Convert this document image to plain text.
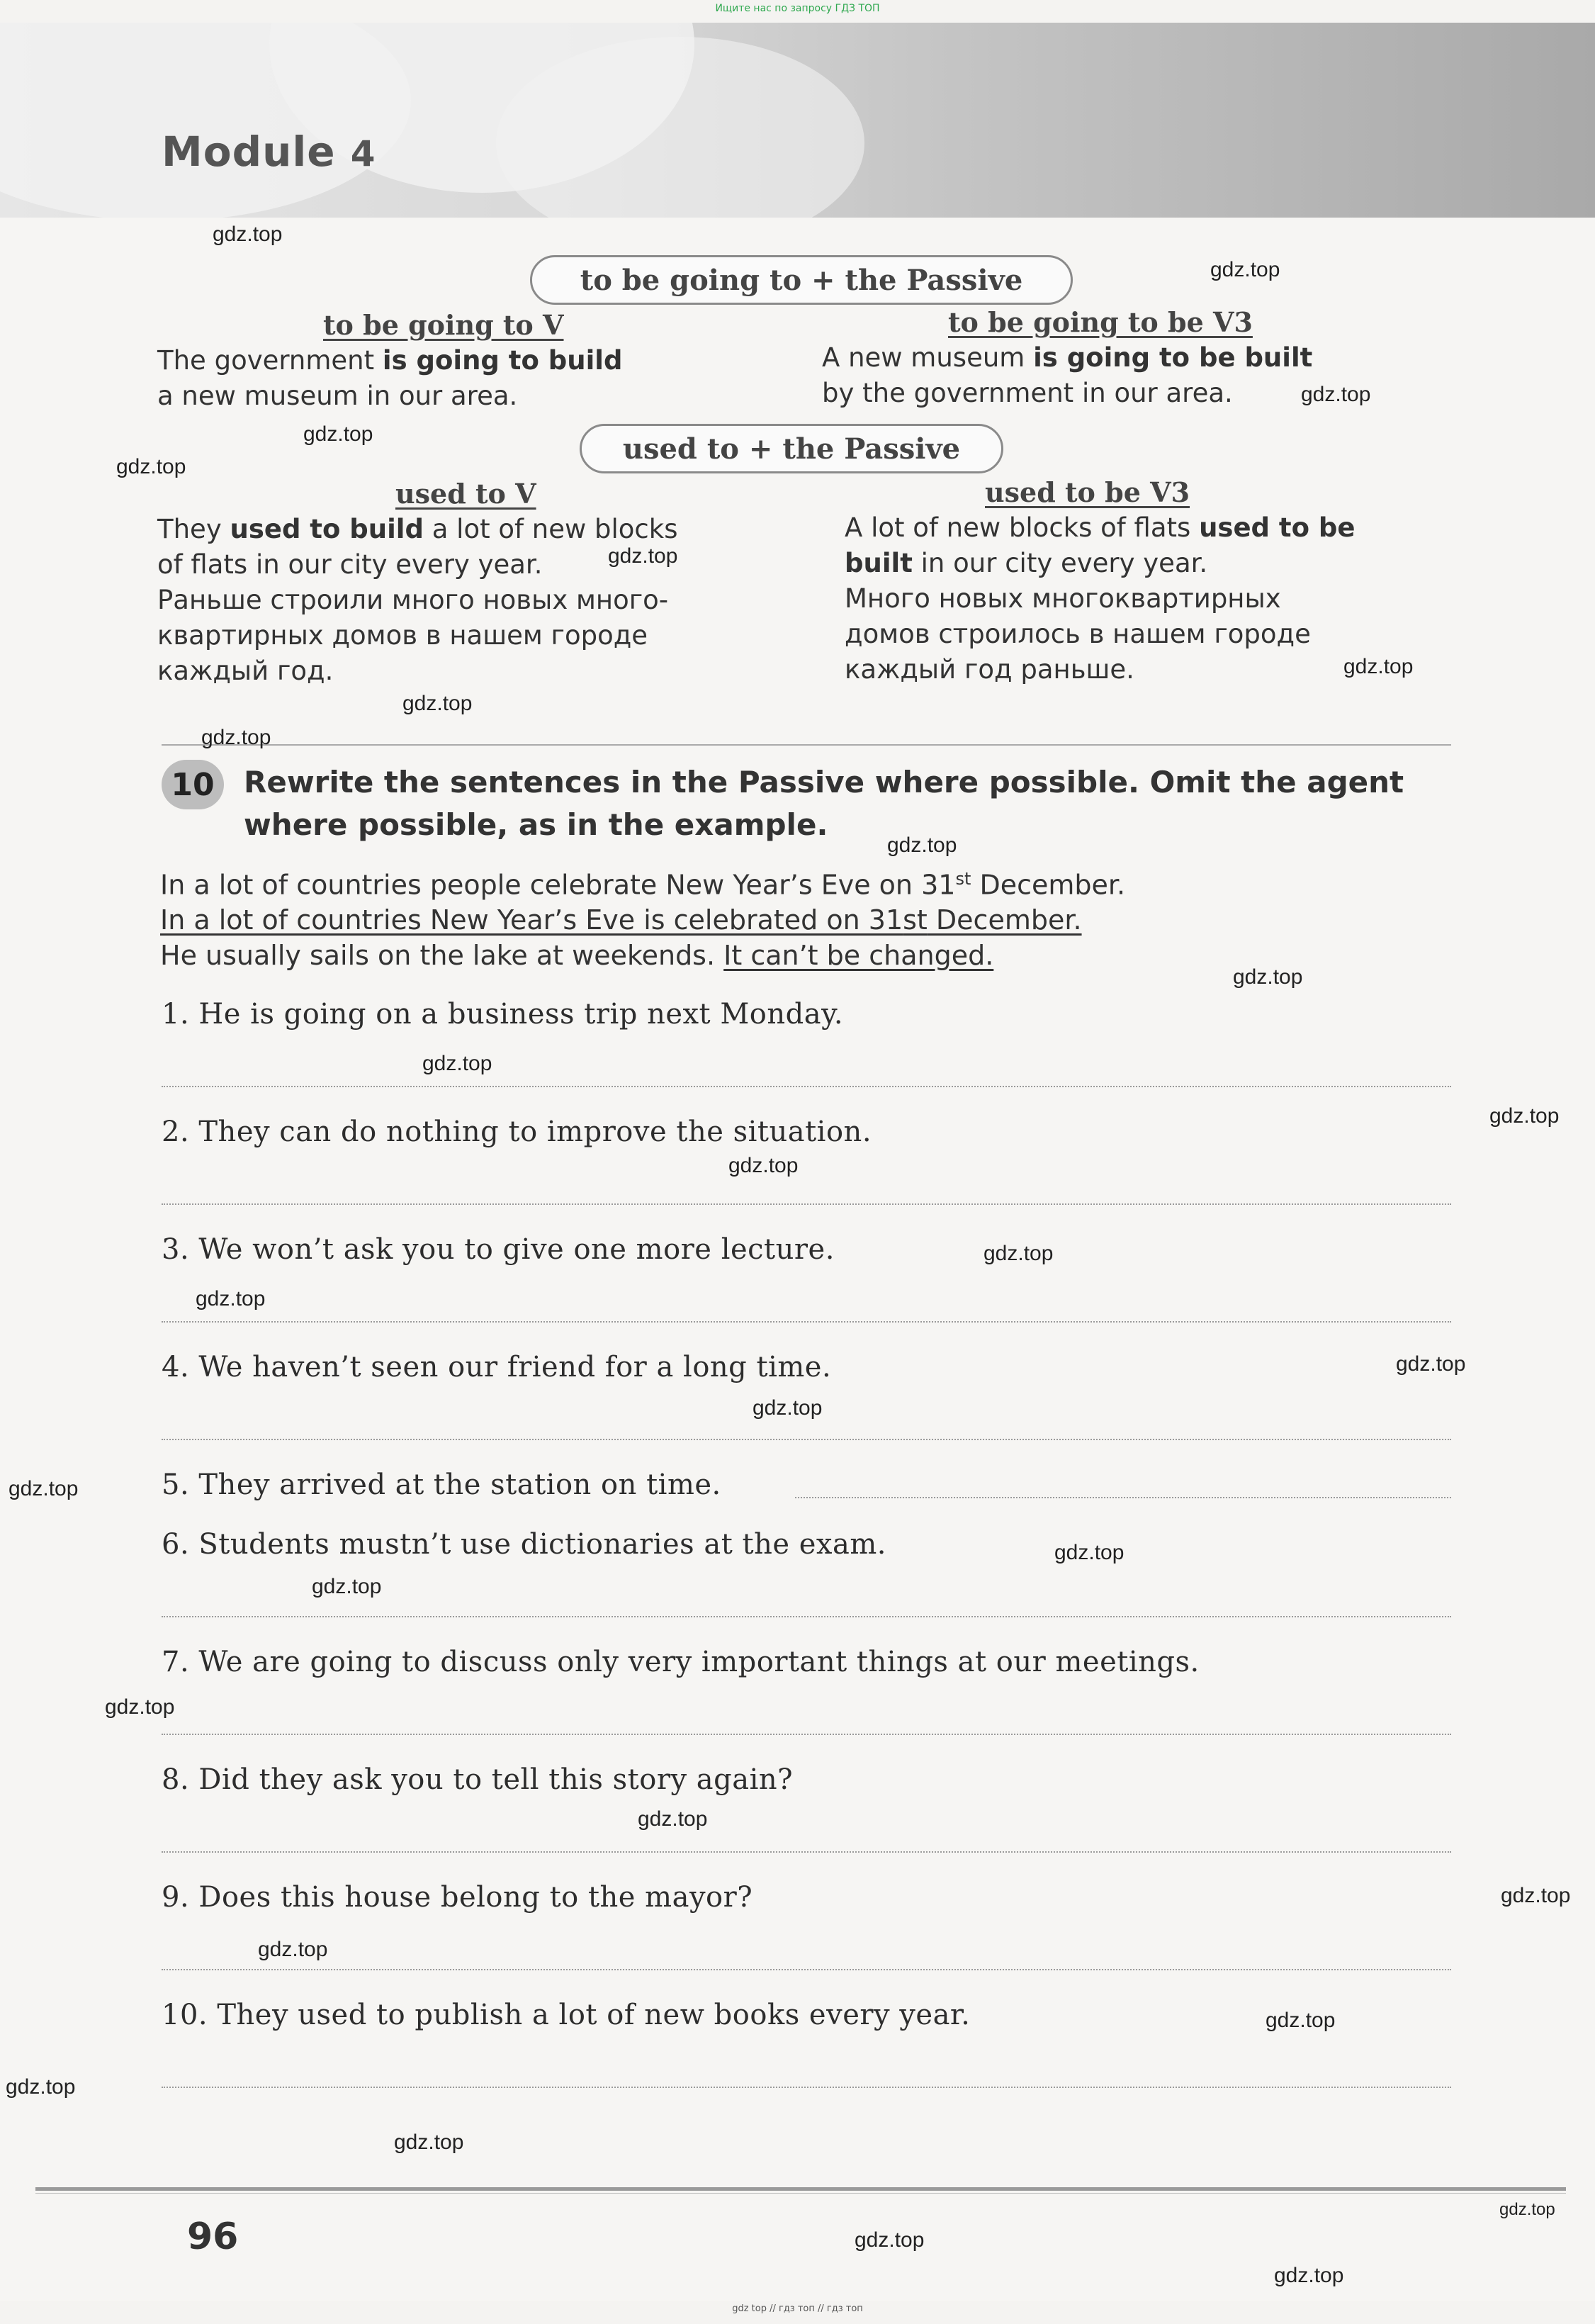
Ищите нас по запросу ГДЗ ТОП
Module 4
to be going to + the Passive
to be going to V	to be going to be V3
The government is going to build
a new museum in our area.
A new museum is going to be built
by the government in our area.
used to + the Passive
used to V	used to be V3
They used to build a lot of new blocks
of flats in our city every year.
Раньше строили много новых много-
квартирных домов в нашем городе
каждый год.
A lot of new blocks of flats used to be
built in our city every year.
Много новых многоквартирных
домов строилось в нашем городе
каждый год раньше.
10 Rewrite the sentences in the Passive where possible. Omit the agent
where possible, as in the example.
In a lot of countries people celebrate New Year’s Eve on 31st December.
In a lot of countries New Year’s Eve is celebrated on 31st December.
He usually sails on the lake at weekends. It can’t be changed.
1. He is going on a business trip next Monday.
2. They can do nothing to improve the situation.
3. We won’t ask you to give one more lecture.
4. We haven’t seen our friend for a long time.
5. They arrived at the station on time.
6. Students mustn’t use dictionaries at the exam.
7. We are going to discuss only very important things at our meetings.
8. Did they ask you to tell this story again?
9. Does this house belong to the mayor?
10. They used to publish a lot of new books every year.
96
gdz.top
gdz.top
gdz.top
gdz.top
gdz.top
gdz.top
gdz.top
gdz.top
gdz.top
gdz.top
gdz.top
gdz.top
gdz.top
gdz.top
gdz.top
gdz.top
gdz.top
gdz.top
gdz.top
gdz.top
gdz.top
gdz.top
gdz.top
gdz.top
gdz.top
gdz.top
gdz.top
gdz.top
gdz.top
gdz.top
gdz.top
gdz top // гдз топ // гдз топ
